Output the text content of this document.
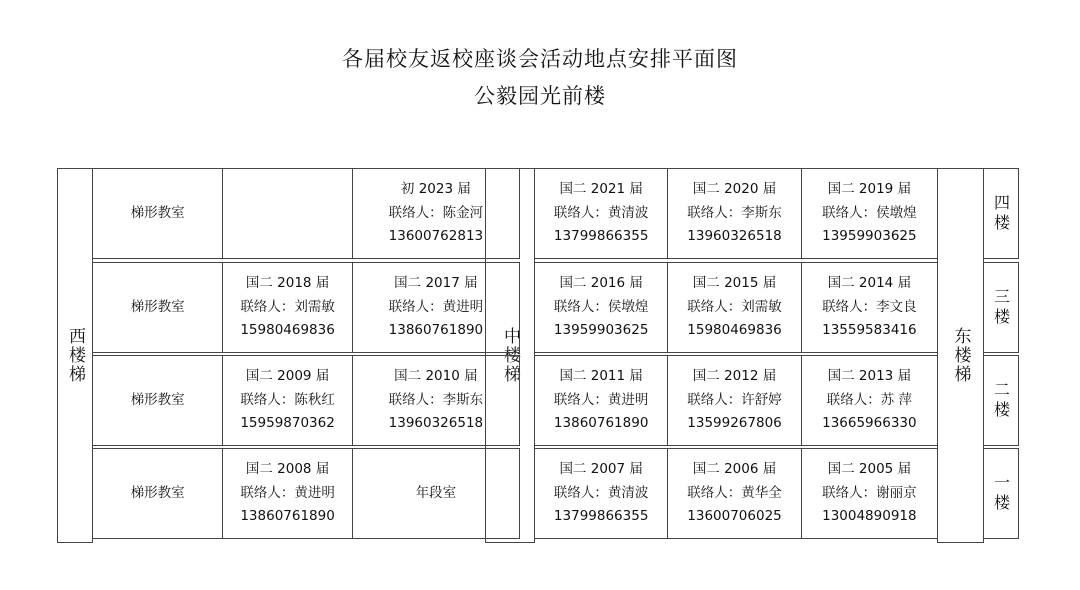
各届校友返校座谈会活动地点安排平面图
公毅园光前楼
西楼梯	中楼梯	东楼梯
梯形教室
初 2023 届
联络人：陈金河
13600762813
国二 2021 届
联络人：黄清波
13799866355
国二 2020 届
联络人：李斯东
13960326518
国二 2019 届
联络人：侯墩煌
13959903625
四楼
梯形教室
国二 2018 届
联络人：刘需敏
15980469836
国二 2017 届
联络人：黄进明
13860761890
国二 2016 届
联络人：侯墩煌
13959903625
国二 2015 届
联络人：刘需敏
15980469836
国二 2014 届
联络人：李文良
13559583416
三楼
梯形教室
国二 2009 届
联络人：陈秋红
15959870362
国二 2010 届
联络人：李斯东
13960326518
国二 2011 届
联络人：黄进明
13860761890
国二 2012 届
联络人：许舒婷
13599267806
国二 2013 届
联络人：苏 萍
13665966330
二楼
梯形教室
国二 2008 届
联络人：黄进明
13860761890
年段室
国二 2007 届
联络人：黄清波
13799866355
国二 2006 届
联络人：黄华全
13600706025
国二 2005 届
联络人：谢丽京
13004890918
一楼
